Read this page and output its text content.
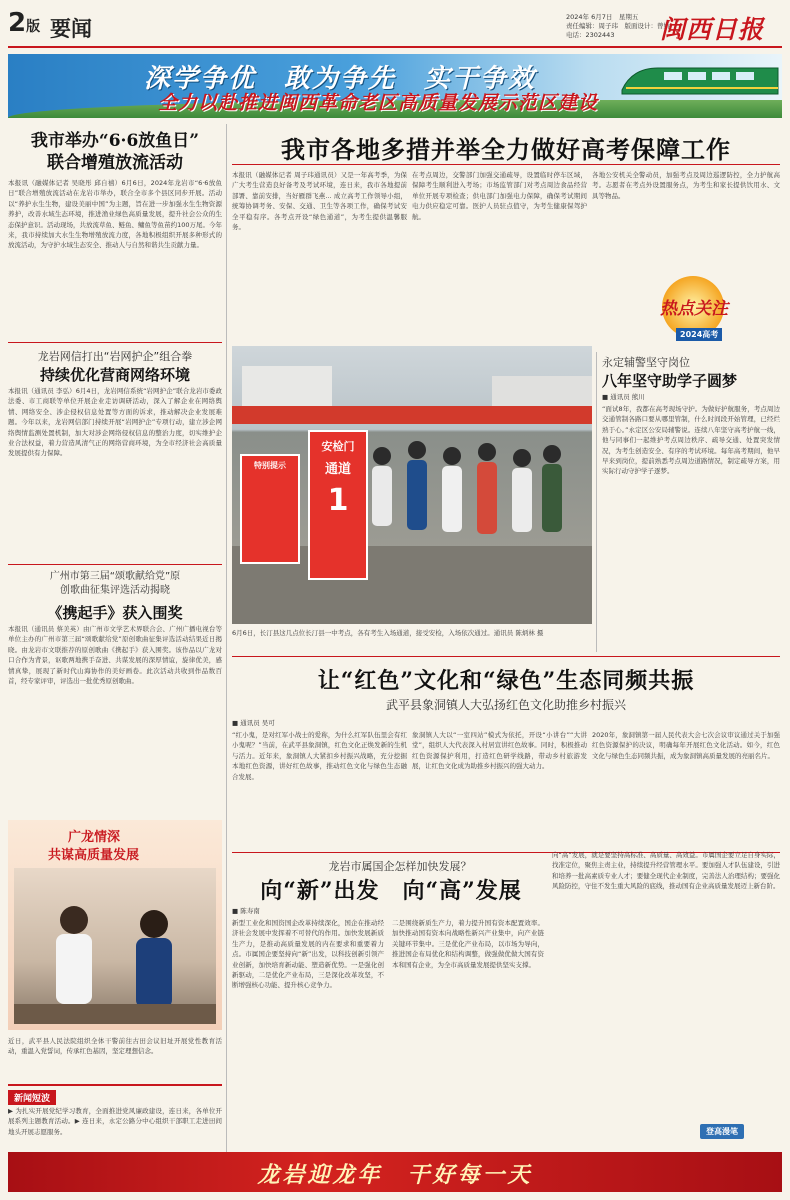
2版 要闻	2024年 6月7日　星期五
责任编辑：周子玮　版面设计：曾娇
电话：2302443 闽西日报
深学争优　敢为争先　实干争效
全力以赴推进闽西革命老区高质量发展示范区建设
我市举办“6·6放鱼日”
联合增殖放流活动
本报讯（融媒体记者 吴晓彤 邱自禧）6月6日，2024年龙岩市“6·6放鱼日”联合增殖放流活动在龙岩市举办，联合全市多个县区同步开展。活动以“养护水生生物，建设美丽中国”为主题，旨在进一步加强水生生物资源养护，改善水域生态环境，推进渔业绿色高质量发展，提升社会公众的生态保护意识。活动现场，共放流草鱼、鲢鱼、鳙鱼等鱼苗约100万尾。今年来，我市持续加大水生生物增殖放流力度，各地积极组织开展多种形式的放流活动，为守护水域生态安全、推动人与自然和谐共生贡献力量。
龙岩网信打出“岩网护企”组合拳
持续优化营商网络环境
本报讯（通讯员 李弘）6月4日，龙岩网信系统“岩网护企”联合龙岩市委政法委、市工商联等单位开展企业走访调研活动，深入了解企业在网络舆情、网络安全、涉企侵权信息处置等方面的诉求，推动解决企业发展难题。今年以来，龙岩网信部门持续开展“岩网护企”专项行动，建立涉企网络舆情监测处置机制，加大对涉企网络侵权信息的整治力度，切实维护企业合法权益，着力营造风清气正的网络营商环境，为全市经济社会高质量发展提供有力保障。
广州市第三届“颂歌献给党”原
创歌曲征集评选活动揭晓
《携起手》获入围奖
本报讯（通讯员 蔡美英）由广州市文学艺术界联合会、广州广播电视台等单位主办的广州市第三届“颂歌献给党”原创歌曲征集评选活动结果近日揭晓。由龙岩市文联推荐的原创歌曲《携起手》获入围奖。该作品以广龙对口合作为背景，讴歌两地携手奋进、共谋发展的深厚情谊，旋律优美，感情真挚，展现了新时代山海协作的美好画卷。此次活动共收到作品数百首，经专家评审，评选出一批优秀原创歌曲。
广龙情深
共谋高质量发展
近日，武平县人民法院组织全体干警前往古田会议旧址开展党性教育活动，重温入党誓词，传承红色基因，坚定理想信念。
新闻短波
▶ 为扎实开展党纪学习教育，全面推进党风廉政建设，连日来，各单位开展系列主题教育活动。▶ 连日来，永定公路分中心组织干部职工走进田间地头开展志愿服务。
我市各地多措并举全力做好高考保障工作
本报讯（融媒体记者 周子玮通讯员）又是一年高考季，为保广大考生营造良好备考及考试环境，连日来，我市各地提前部署、靠前安排，当好雁群飞燕... 成立高考工作领导小组，统筹协调考务、安保、交通、卫生等各项工作，确保考试安全平稳有序。各考点开设“绿色通道”，为考生提供温馨服务。
在考点周边，交警部门加强交通疏导，设置临时停车区域，保障考生顺利进入考场；市场监管部门对考点周边食品经营单位开展专项检查；供电部门加强电力保障，确保考试期间电力供应稳定可靠。医护人员驻点值守，为考生健康保驾护航。
各地公安机关全警动员，加强考点及周边巡逻防控，全力护航高考。志愿者在考点外设置服务点，为考生和家长提供饮用水、文具等物品。
热点关注
2024高考
特别提示
安检门
通道
1
6月6日，长汀县这几点位长汀县一中考点，各有考生入场通道，接受安检，入场依次通过。通讯员 陈炳林 摄
永定辅警坚守岗位
八年坚守助学子圆梦
■ 通讯员 熊川
“面试8年，我都在高考现场守护。为做好护航服务，考点周边交通管制各路口要从哪里管制，什么时间段开始管理，已经烂熟于心。”永定区公安局辅警说。连续八年坚守高考护航一线，他与同事们一起维护考点周边秩序、疏导交通、处置突发情况，为考生创造安全、有序的考试环境。每年高考期间，他早早来到岗位，提前熟悉考点周边道路情况，制定疏导方案，用实际行动守护学子逐梦。
让“红色”文化和“绿色”生态同频共振
武平县象洞镇人大弘扬红色文化助推乡村振兴
■ 通讯员 吴可
“红小鬼，是对红军小战士的爱称，为什么红军队伍里会有红小鬼呢？”当前，在武平县象洞镇，红色文化正焕发新的生机与活力。近年来，象洞镇人大紧扣乡村振兴战略，充分挖掘本地红色资源，讲好红色故事，推动红色文化与绿色生态融合发展。
象洞镇人大以“一室四站”模式为依托，开设“小讲台”“大讲堂”，组织人大代表深入村居宣讲红色故事。同时，积极推动红色资源保护利用，打造红色研学线路，带动乡村旅游发展，让红色文化成为助推乡村振兴的强大动力。
2020年，象洞镇第一届人民代表大会七次会议审议通过关于加强红色资源保护的决议，明确每年开展红色文化活动。如今，红色文化与绿色生态同频共振，成为象洞镇高质量发展的亮丽名片。
龙岩市属国企怎样加快发展？
向“新”出发　向“高”发展
■ 陈寿南
新型工业化和国资国企改革持续深化，国企在推动经济社会发展中发挥着不可替代的作用。加快发展新质生产力，是推动高质量发展的内在要求和重要着力点。市属国企要坚持向“新”出发，以科技创新引领产业创新，加快培育新动能、塑造新优势。一是强化创新驱动，二是优化产业布局，三是深化改革攻坚，不断增强核心功能、提升核心竞争力。
二是围绕新质生产力，着力提升国有资本配置效率。加快推动国有资本向战略性新兴产业集中，向产业链关键环节集中。三是优化产业布局，以市场为导向，推进国企布局优化和结构调整，做强做优做大国有资本和国有企业，为全市高质量发展提供坚实支撑。
向“高”发展，就是要坚持高标准、高质量、高效益。市属国企要立足自身实际，找准定位，聚焦主责主业，持续提升经营管理水平。要加强人才队伍建设，引进和培养一批高素质专业人才；要健全现代企业制度，完善法人治理结构；要强化风险防控，守住不发生重大风险的底线，推动国有企业高质量发展迈上新台阶。
登高漫笔
龙岩迎龙年　干好每一天
